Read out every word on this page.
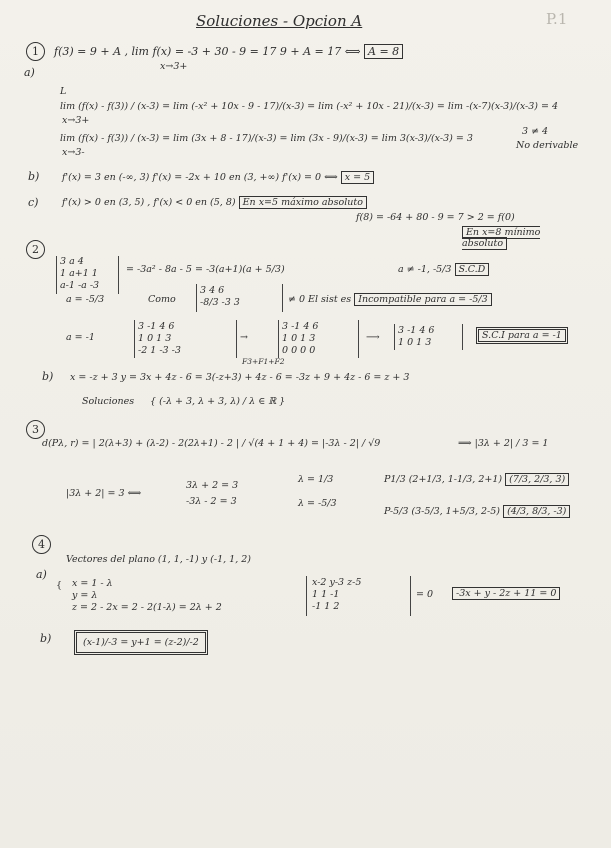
Soluciones - Opcion A	P.1
1	f(3) = 9 + A , lim f(x) = -3 + 30 - 9 = 17 9 + A = 17 ⟺ A = 8
x→3+
a)
L
lim (f(x) - f(3)) / (x-3) = lim (-x² + 10x - 9 - 17)/(x-3) = lim (-x² + 10x - 21)/(x-3) = lim -(x-7)(x-3)/(x-3) = 4
x→3+
lim (f(x) - f(3)) / (x-3) = lim (3x + 8 - 17)/(x-3) = lim (3x - 9)/(x-3) = lim 3(x-3)/(x-3) = 3
x→3-
3 ≠ 4
No derivable
b) f'(x) = 3 en (-∞, 3) f'(x) = -2x + 10 en (3, +∞) f'(x) = 0 ⟺ x = 5
c) f'(x) > 0 en (3, 5) , f'(x) < 0 en (5, 8) En x=5 máximo absoluto
f(8) = -64 + 80 - 9 = 7 > 2 = f(0)
En x=8 mínimo absoluto
2
3 a 4
1 a+1 1
a-1 -a -3
= -3a² - 8a - 5 = -3(a+1)(a + 5/3)	a ≠ -1, -5/3 S.C.D
a = -5/3	Como
3 4 6
-8/3 -3 3	≠ 0 El sist es Incompatible para a = -5/3
a = -1
3 -1 4 6
1 0 1 3
-2 1 -3 -3
→
F3+F1+F2
3 -1 4 6
1 0 1 3
0 0 0 0
⟶
3 -1 4 6
1 0 1 3
S.C.I para a = -1
b) x = -z + 3 y = 3x + 4z - 6 = 3(-z+3) + 4z - 6 = -3z + 9 + 4z - 6 = z + 3
Soluciones { (-λ + 3, λ + 3, λ) / λ ∈ ℝ }
3
d(Pλ, r) = | 2(λ+3) + (λ-2) - 2(2λ+1) - 2 | / √(4 + 1 + 4) = |-3λ - 2| / √9	⟹ |3λ + 2| / 3 = 1
|3λ + 2| = 3 ⟺
3λ + 2 = 3
-3λ - 2 = 3
λ = 1/3
λ = -5/3
P1/3 (2+1/3, 1-1/3, 2+1) (7/3, 2/3, 3)
P-5/3 (3-5/3, 1+5/3, 2-5) (4/3, 8/3, -3)
4
Vectores del plano (1, 1, -1) y (-1, 1, 2)
a)
{ x = 1 - λ
y = λ
z = 2 - 2x = 2 - 2(1-λ) = 2λ + 2
x-2 y-3 z-5
1 1 -1
-1 1 2
= 0	-3x + y - 2z + 11 = 0
b)	(x-1)/-3 = y+1 = (z-2)/-2
